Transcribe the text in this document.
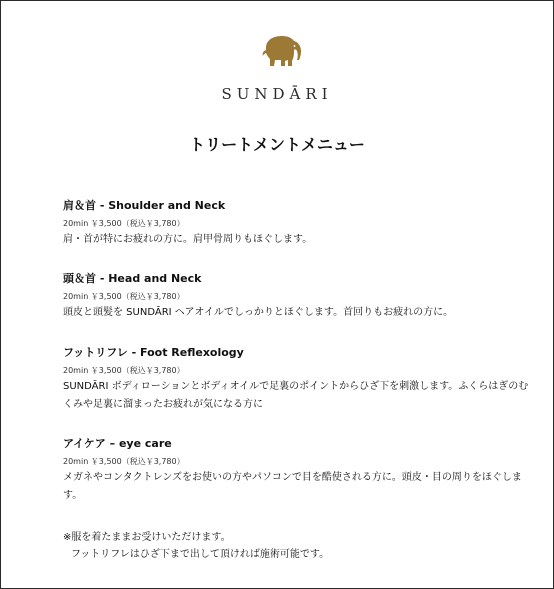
SUNDĀRI
トリートメントメニュー
肩＆首 - Shoulder and Neck
20min ￥3,500（税込￥3,780）
肩・首が特にお疲れの方に。肩甲骨周りもほぐします。
頭＆首 - Head and Neck
20min ￥3,500（税込￥3,780）
頭皮と頭髪を SUNDĀRI ヘアオイルでしっかりとほぐします。首回りもお疲れの方に。
フットリフレ - Foot Reflexology
20min ￥3,500（税込￥3,780）
SUNDĀRI ボディローションとボディオイルで足裏のポイントからひざ下を刺激します。ふくらはぎのむくみや足裏に溜まったお疲れが気になる方に
アイケア – eye care
20min ￥3,500（税込￥3,780）
メガネやコンタクトレンズをお使いの方やパソコンで目を酷使される方に。頭皮・目の周りをほぐします。
※服を着たままお受けいただけます。
フットリフレはひざ下まで出して頂ければ施術可能です。
